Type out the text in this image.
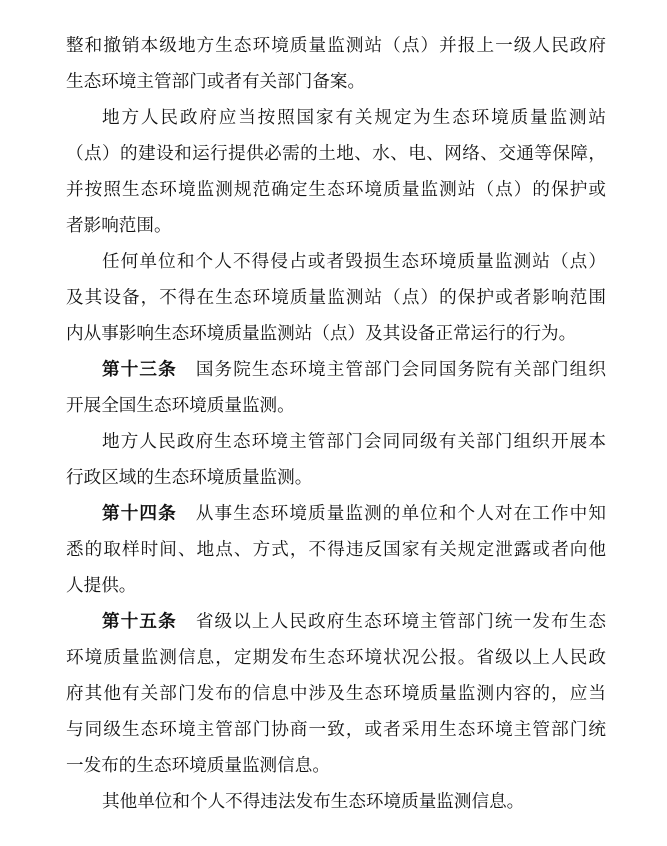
整和撤销本级地方生态环境质量监测站（点）并报上一级人民政府
生态环境主管部门或者有关部门备案。
地方人民政府应当按照国家有关规定为生态环境质量监测站
（点）的建设和运行提供必需的土地、水、电、网络、交通等保障，
并按照生态环境监测规范确定生态环境质量监测站（点）的保护或
者影响范围。
任何单位和个人不得侵占或者毁损生态环境质量监测站（点）
及其设备，不得在生态环境质量监测站（点）的保护或者影响范围
内从事影响生态环境质量监测站（点）及其设备正常运行的行为。
第十三条 国务院生态环境主管部门会同国务院有关部门组织
开展全国生态环境质量监测。
地方人民政府生态环境主管部门会同同级有关部门组织开展本
行政区域的生态环境质量监测。
第十四条 从事生态环境质量监测的单位和个人对在工作中知
悉的取样时间、地点、方式，不得违反国家有关规定泄露或者向他
人提供。
第十五条 省级以上人民政府生态环境主管部门统一发布生态
环境质量监测信息，定期发布生态环境状况公报。省级以上人民政
府其他有关部门发布的信息中涉及生态环境质量监测内容的，应当
与同级生态环境主管部门协商一致，或者采用生态环境主管部门统
一发布的生态环境质量监测信息。
其他单位和个人不得违法发布生态环境质量监测信息。
